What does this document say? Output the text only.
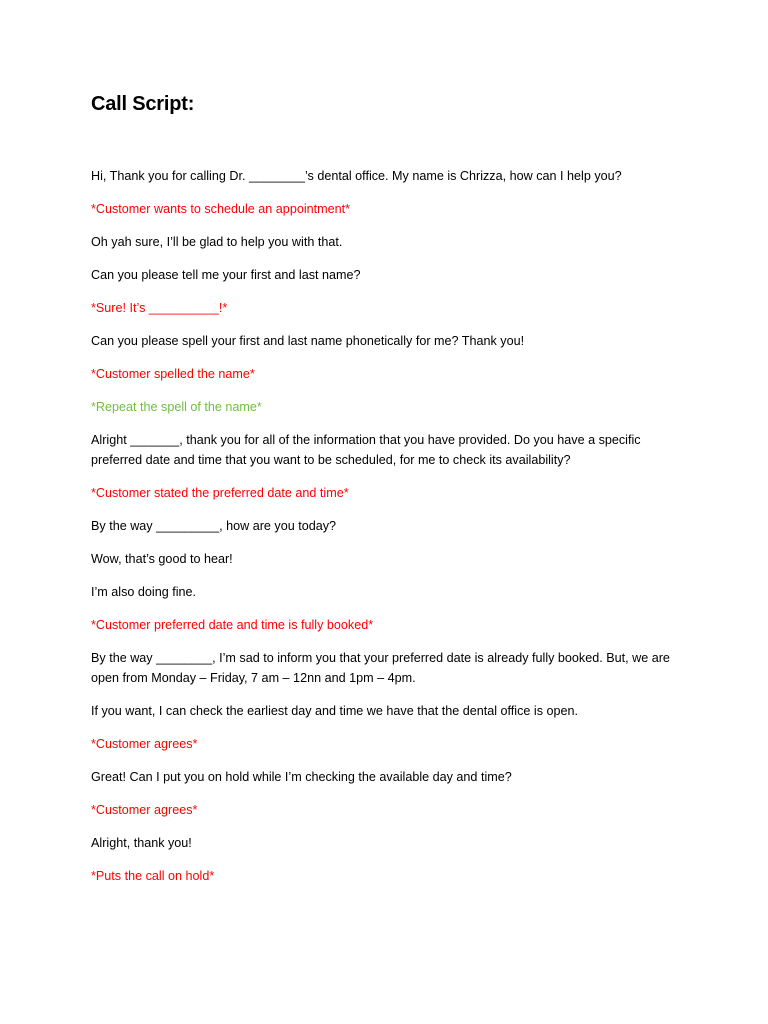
Call Script:

Hi, Thank you for calling Dr. ________’s dental office. My name is Chrizza, how can I help you?

*Customer wants to schedule an appointment*

Oh yah sure, I’ll be glad to help you with that.

Can you please tell me your first and last name?

*Sure! It’s __________!*

Can you please spell your first and last name phonetically for me? Thank you!

*Customer spelled the name*

*Repeat the spell of the name*

Alright _______, thank you for all of the information that you have provided. Do you have a specific preferred date and time that you want to be scheduled, for me to check its availability?

*Customer stated the preferred date and time*

By the way _________, how are you today?

Wow, that’s good to hear!

I’m also doing fine.

*Customer preferred date and time is fully booked*

By the way ________, I’m sad to inform you that your preferred date is already fully booked. But, we are open from Monday – Friday, 7 am – 12nn and 1pm – 4pm.

If you want, I can check the earliest day and time we have that the dental office is open.

*Customer agrees*

Great! Can I put you on hold while I’m checking the available day and time?

*Customer agrees*

Alright, thank you!

*Puts the call on hold*
